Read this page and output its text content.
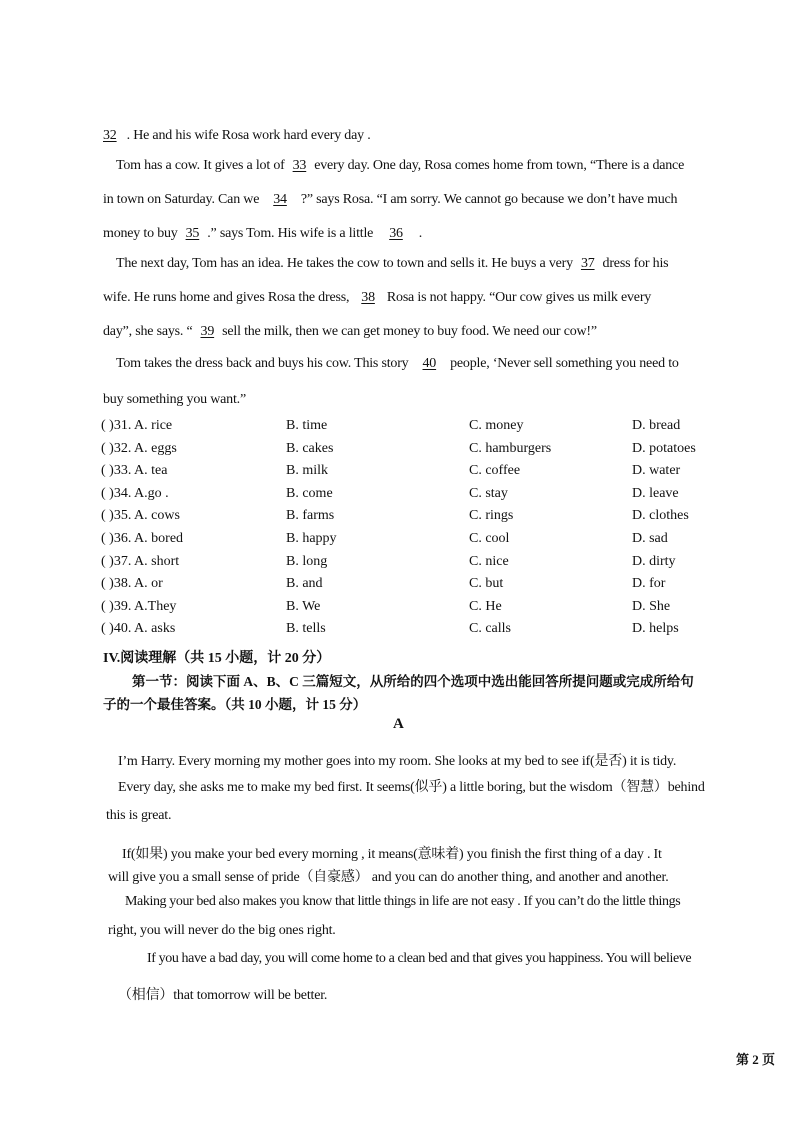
32 . He and his wife Rosa work hard every day .
Tom has a cow. It gives a lot of 33 every day. One day, Rosa comes home from town, “There is a dance
in town on Saturday. Can we 34 ?” says Rosa. “I am sorry. We cannot go because we don’t have much
money to buy 35 .” says Tom. His wife is a little 36 .
The next day, Tom has an idea. He takes the cow to town and sells it. He buys a very 37 dress for his
wife. He runs home and gives Rosa the dress, 38 Rosa is not happy. “Our cow gives us milk every
day”, she says. “ 39 sell the milk, then we can get money to buy food. We need our cow!”
Tom takes the dress back and buys his cow. This story 40 people, ‘Never sell something you need to
buy something you want.”
( )31. A. rice	B. time	C. money	D. bread
( )32. A. eggs	B. cakes	C. hamburgers	D. potatoes
( )33. A. tea	B. milk	C. coffee	D. water
( )34. A.go .	B. come	C. stay	D. leave
( )35. A. cows	B. farms	C. rings	D. clothes
( )36. A. bored	B. happy	C. cool	D. sad
( )37. A. short	B. long	C. nice	D. dirty
( )38. A. or	B. and	C. but	D. for
( )39. A.They	B. We	C. He	D. She
( )40. A. asks	B. tells	C. calls	D. helps
IV.阅读理解（共 15 小题，计 20 分）
第一节：阅读下面 A、B、C 三篇短文，从所给的四个选项中选出能回答所提问题或完成所给句
子的一个最佳答案。（共 10 小题，计 15 分）
A
I’m Harry. Every morning my mother goes into my room. She looks at my bed to see if(是否) it is tidy.
Every day, she asks me to make my bed first. It seems(似乎) a little boring, but the wisdom（智慧）behind
this is great.
If(如果) you make your bed every morning , it means(意味着) you finish the first thing of a day . It
will give you a small sense of pride（自豪感） and you can do another thing, and another and another.
Making your bed also makes you know that little things in life are not easy . If you can’t do the little things
right, you will never do the big ones right.
If you have a bad day, you will come home to a clean bed and that gives you happiness. You will believe
（相信）that tomorrow will be better.
第 2 页
